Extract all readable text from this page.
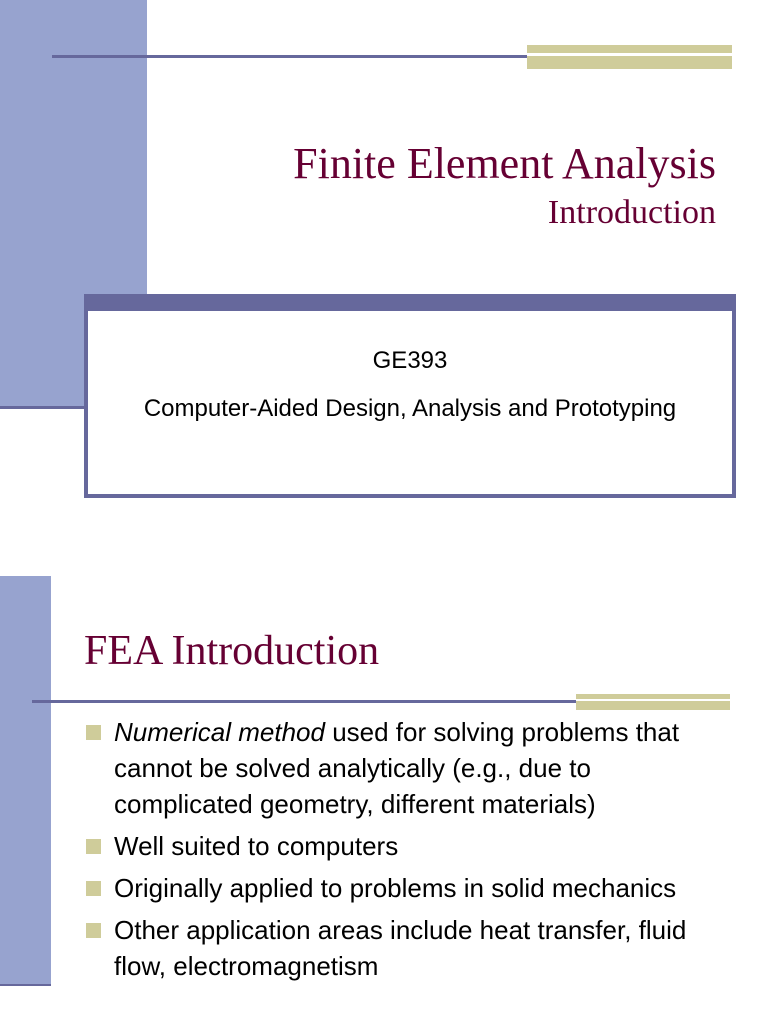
Finite Element Analysis
Introduction
GE393
Computer-Aided Design, Analysis and Prototyping
FEA Introduction
Numerical method used for solving problems that cannot be solved analytically (e.g., due to complicated geometry, different materials)
Well suited to computers
Originally applied to problems in solid mechanics
Other application areas include heat transfer, fluid flow, electromagnetism
